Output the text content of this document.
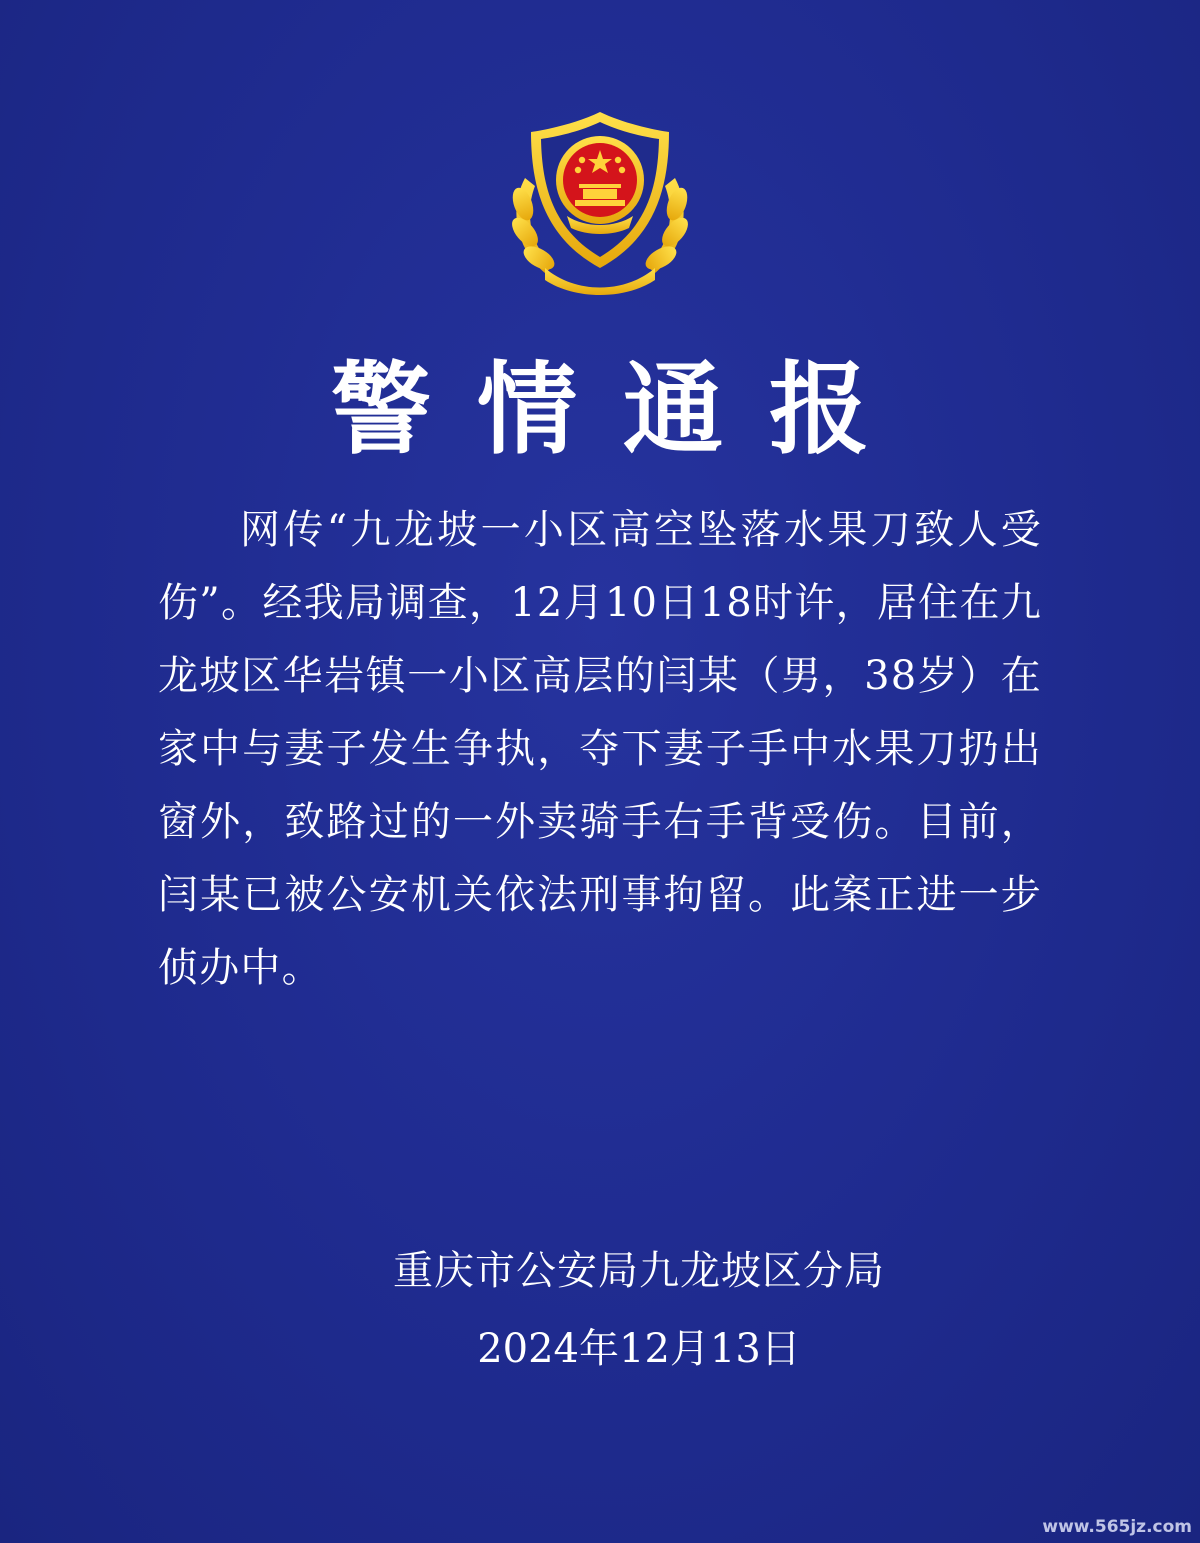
警情通报
网传“九龙坡一小区高空坠落水果刀致人受伤”。经我局调查，12月10日18时许，居住在九龙坡区华岩镇一小区高层的闫某（男，38岁）在家中与妻子发生争执，夺下妻子手中水果刀扔出窗外，致路过的一外卖骑手右手背受伤。目前，闫某已被公安机关依法刑事拘留。此案正进一步侦办中。
重庆市公安局九龙坡区分局
2024年12月13日
www.565jz.com
